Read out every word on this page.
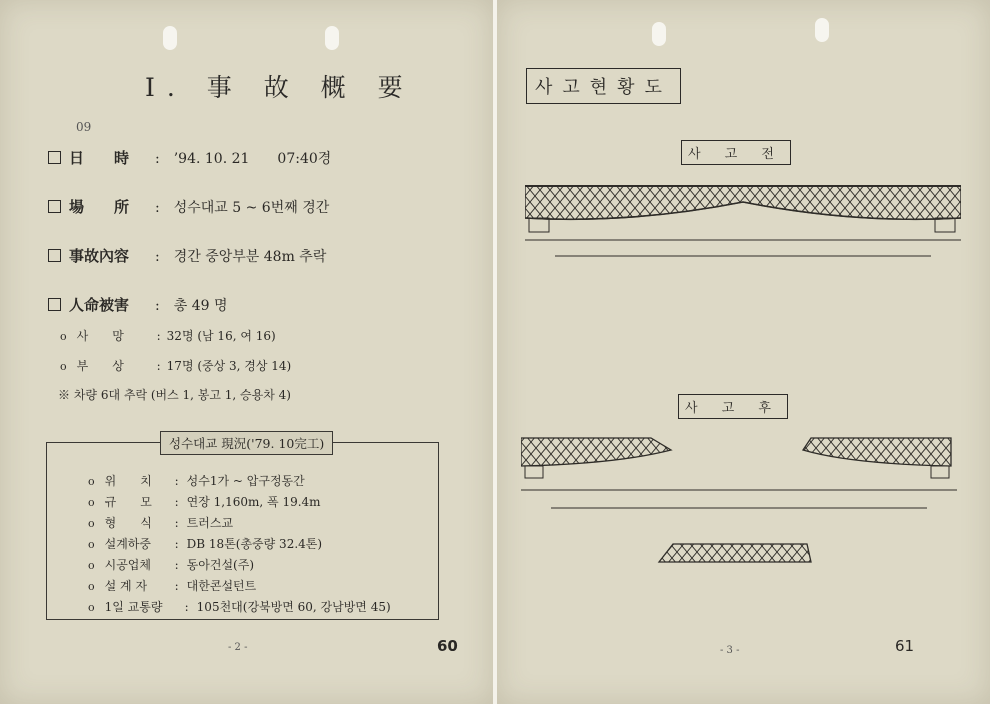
I. 事 故 概 要
09
日　　時 : ’94. 10. 21　　07:40경
場　　所 : 성수대교 5 ~ 6번째 경간
事故內容 : 경간 중앙부분 48m 추락
人命被害 : 총 49 명
o 사　　망	: 32명 (남 16, 여 16)
o 부　　상	: 17명 (중상 3, 경상 14)
※ 차량 6대 추락 (버스 1, 봉고 1, 승용차 4)
성수대교 現況('79. 10完工)
o 위　　치 : 성수1가 ~ 압구정동간
o 규　　모 : 연장 1,160m, 폭 19.4m
o 형　　식 : 트러스교
o 설계하중 : DB 18톤(총중량 32.4톤)
o 시공업체 : 동아건설(주)
o 설 계 자 : 대한콘설턴트
o 1일 교통량 : 105천대(강북방면 60, 강남방면 45)
- 2 -	60
사고현황도
사 고 전
사 고 후
- 3 -	61
